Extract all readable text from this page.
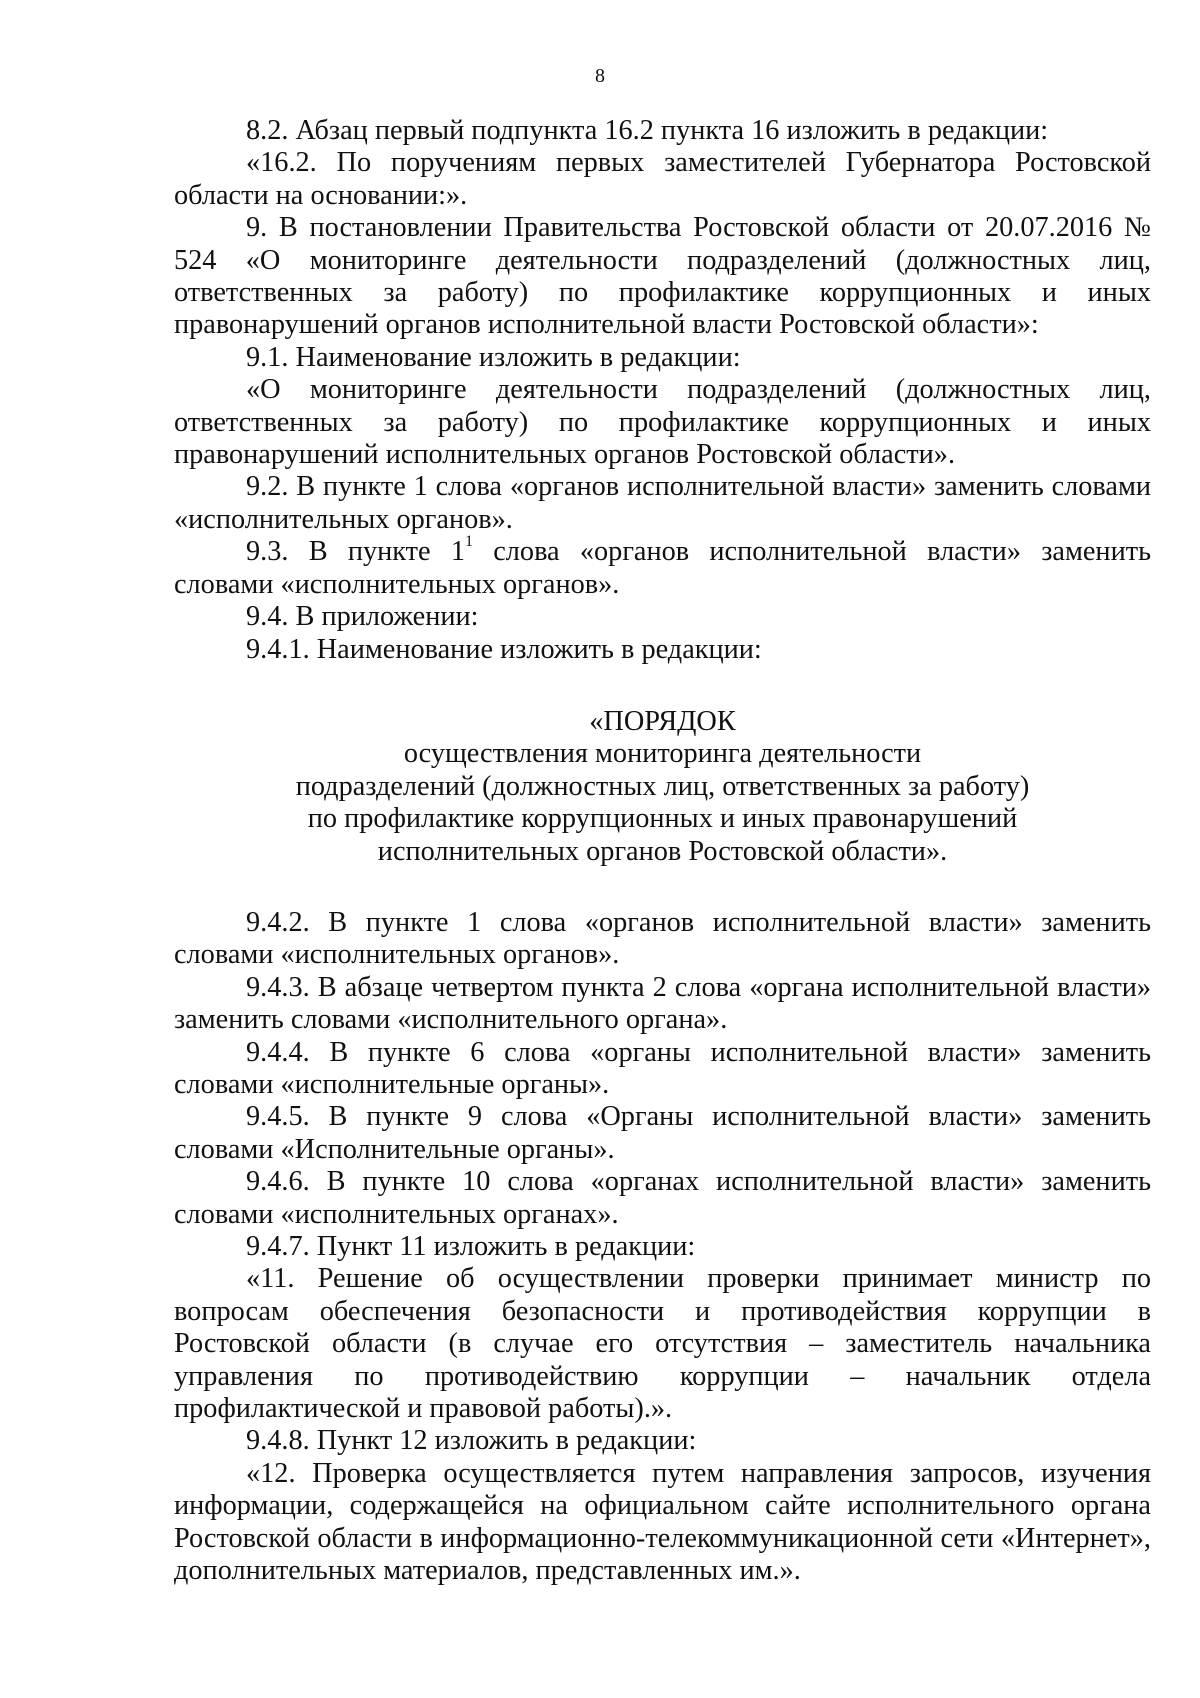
8

8.2. Абзац первый подпункта 16.2 пункта 16 изложить в редакции:

«16.2. По поручениям первых заместителей Губернатора Ростовской области на основании:».

9. В постановлении Правительства Ростовской области от 20.07.2016 № 524 «О мониторинге деятельности подразделений (должностных лиц, ответственных за работу) по профилактике коррупционных и иных правонарушений органов исполнительной власти Ростовской области»:

9.1. Наименование изложить в редакции:

«О мониторинге деятельности подразделений (должностных лиц, ответственных за работу) по профилактике коррупционных и иных правонарушений исполнительных органов Ростовской области».

9.2. В пункте 1 слова «органов исполнительной власти» заменить словами «исполнительных органов».

9.3. В пункте $1^1$ слова «органов исполнительной власти» заменить словами «исполнительных органов».

9.4. В приложении:

9.4.1. Наименование изложить в редакции:

«ПОРЯДОК
осуществления мониторинга деятельности
подразделений (должностных лиц, ответственных за работу)
по профилактике коррупционных и иных правонарушений
исполнительных органов Ростовской области».

9.4.2. В пункте 1 слова «органов исполнительной власти» заменить словами «исполнительных органов».

9.4.3. В абзаце четвертом пункта 2 слова «органа исполнительной власти» заменить словами «исполнительного органа».

9.4.4. В пункте 6 слова «органы исполнительной власти» заменить словами «исполнительные органы».

9.4.5. В пункте 9 слова «Органы исполнительной власти» заменить словами «Исполнительные органы».

9.4.6. В пункте 10 слова «органах исполнительной власти» заменить словами «исполнительных органах».

9.4.7. Пункт 11 изложить в редакции:

«11. Решение об осуществлении проверки принимает министр по вопросам обеспечения безопасности и противодействия коррупции в Ростовской области (в случае его отсутствия – заместитель начальника управления по противодействию коррупции – начальник отдела профилактической и правовой работы).».

9.4.8. Пункт 12 изложить в редакции:

«12. Проверка осуществляется путем направления запросов, изучения информации, содержащейся на официальном сайте исполнительного органа Ростовской области в информационно-телекоммуникационной сети «Интернет», дополнительных материалов, представленных им.».
